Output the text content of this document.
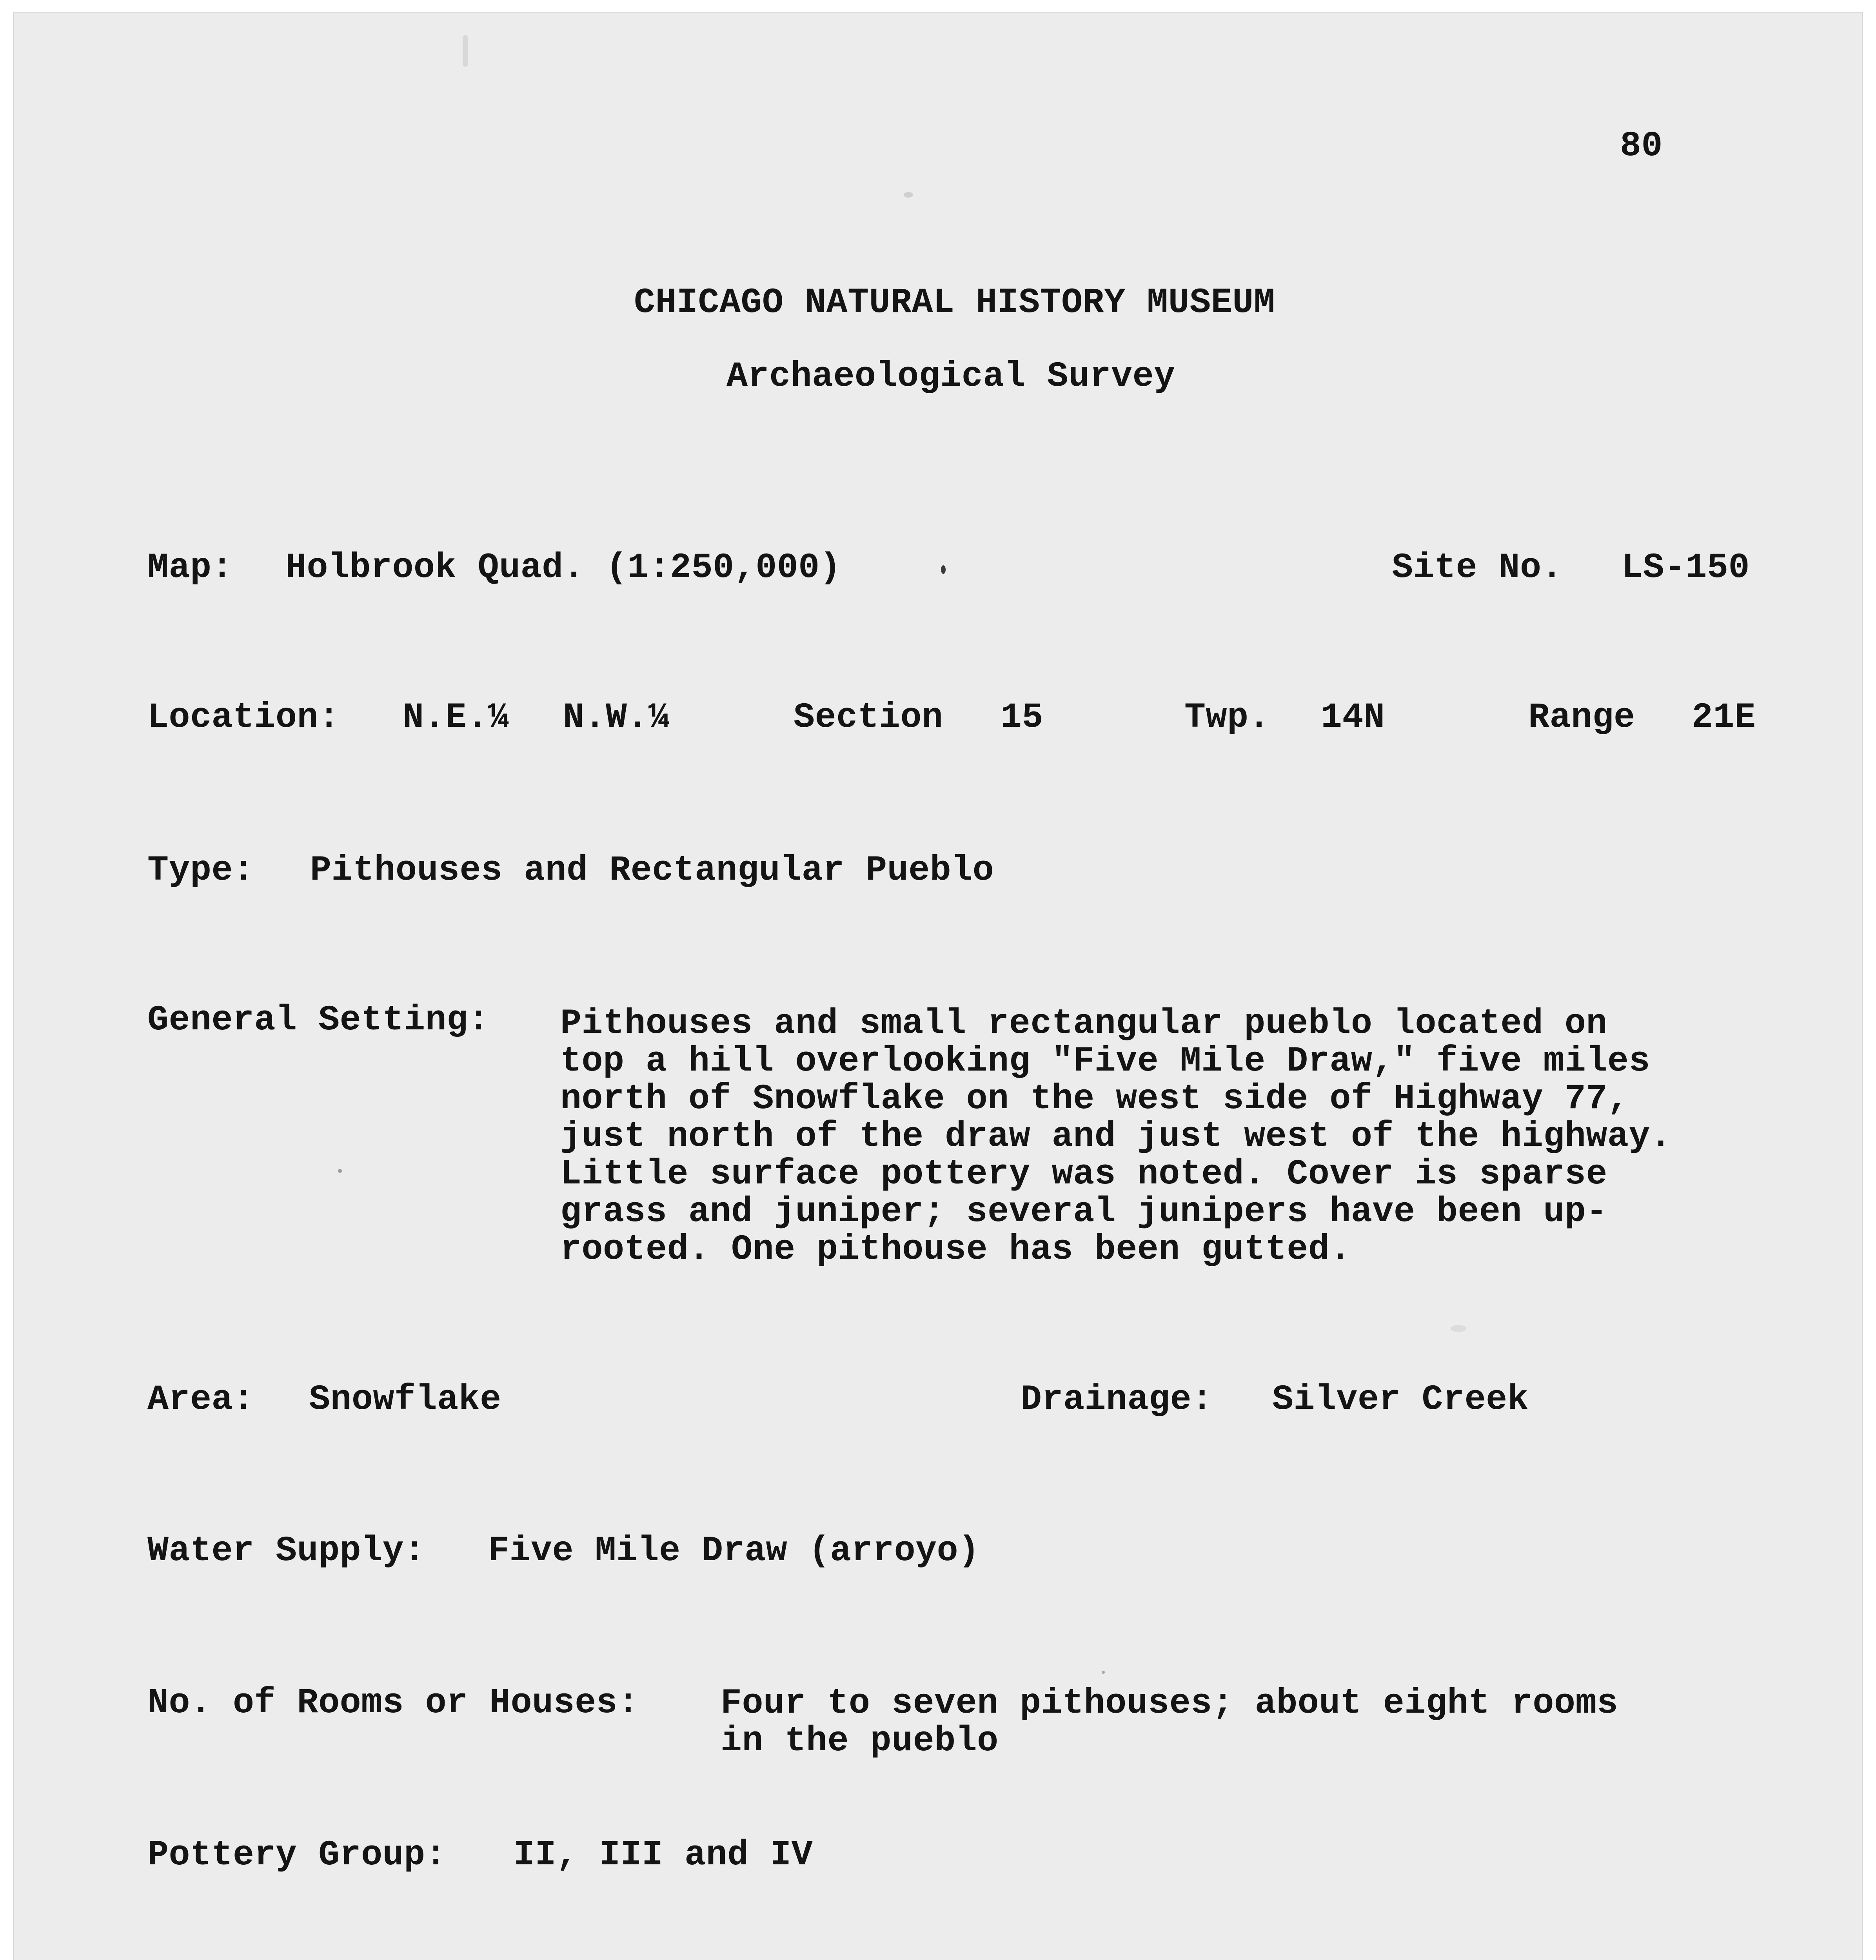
80
CHICAGO NATURAL HISTORY MUSEUM
Archaeological Survey
Map: Holbrook Quad. (1:250,000)	Site No. LS-150
Location: N.E.¼ N.W.¼	Section 15	Twp. 14N	Range 21E
Type: Pithouses and Rectangular Pueblo
General Setting: Pithouses and small rectangular pueblo located on
top a hill overlooking "Five Mile Draw," five miles
north of Snowflake on the west side of Highway 77,
just north of the draw and just west of the highway.
Little surface pottery was noted. Cover is sparse
grass and juniper; several junipers have been up-
rooted. One pithouse has been gutted.
Area: Snowflake	Drainage: Silver Creek
Water Supply: Five Mile Draw (arroyo)
No. of Rooms or Houses: Four to seven pithouses; about eight rooms
in the pueblo
Pottery Group: II, III and IV
